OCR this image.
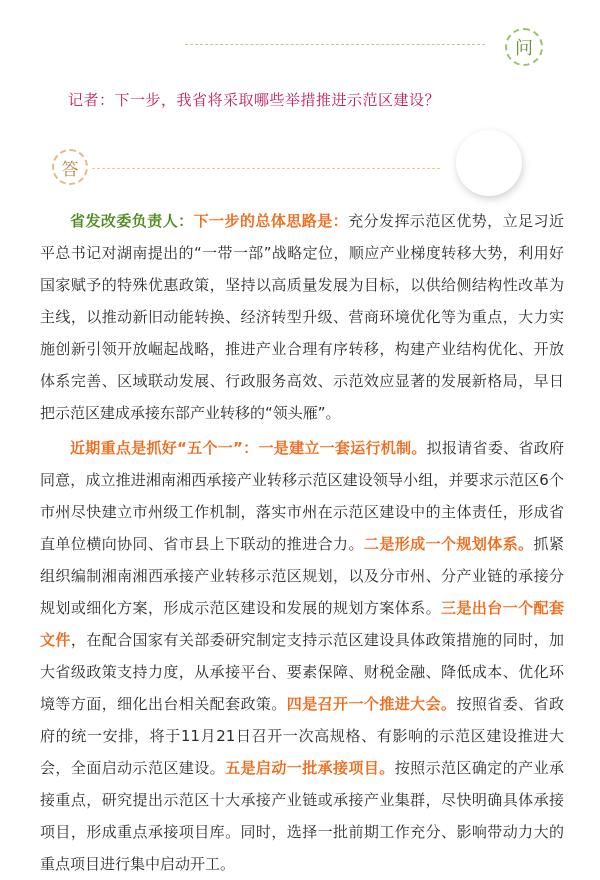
问
记者：下一步，我省将采取哪些举措推进示范区建设？
答

省发改委负责人：下一步的总体思路是：充分发挥示范区优势，立足习近平总书记对湖南提出的“一带一部”战略定位，顺应产业梯度转移大势，利用好国家赋予的特殊优惠政策，坚持以高质量发展为目标，以供给侧结构性改革为主线，以推动新旧动能转换、经济转型升级、营商环境优化等为重点，大力实施创新引领开放崛起战略，推进产业合理有序转移，构建产业结构优化、开放体系完善、区域联动发展、行政服务高效、示范效应显著的发展新格局，早日把示范区建成承接东部产业转移的“领头雁”。

近期重点是抓好“五个一”：一是建立一套运行机制。拟报请省委、省政府同意，成立推进湘南湘西承接产业转移示范区建设领导小组，并要求示范区6个市州尽快建立市州级工作机制，落实市州在示范区建设中的主体责任，形成省直单位横向协同、省市县上下联动的推进合力。二是形成一个规划体系。抓紧组织编制湘南湘西承接产业转移示范区规划，以及分市州、分产业链的承接分规划或细化方案，形成示范区建设和发展的规划方案体系。三是出台一个配套文件，在配合国家有关部委研究制定支持示范区建设具体政策措施的同时，加大省级政策支持力度，从承接平台、要素保障、财税金融、降低成本、优化环境等方面，细化出台相关配套政策。四是召开一个推进大会。按照省委、省政府的统一安排，将于11月21日召开一次高规格、有影响的示范区建设推进大会，全面启动示范区建设。五是启动一批承接项目。按照示范区确定的产业承接重点，研究提出示范区十大承接产业链或承接产业集群，尽快明确具体承接项目，形成重点承接项目库。同时，选择一批前期工作充分、影响带动力大的重点项目进行集中启动开工。
